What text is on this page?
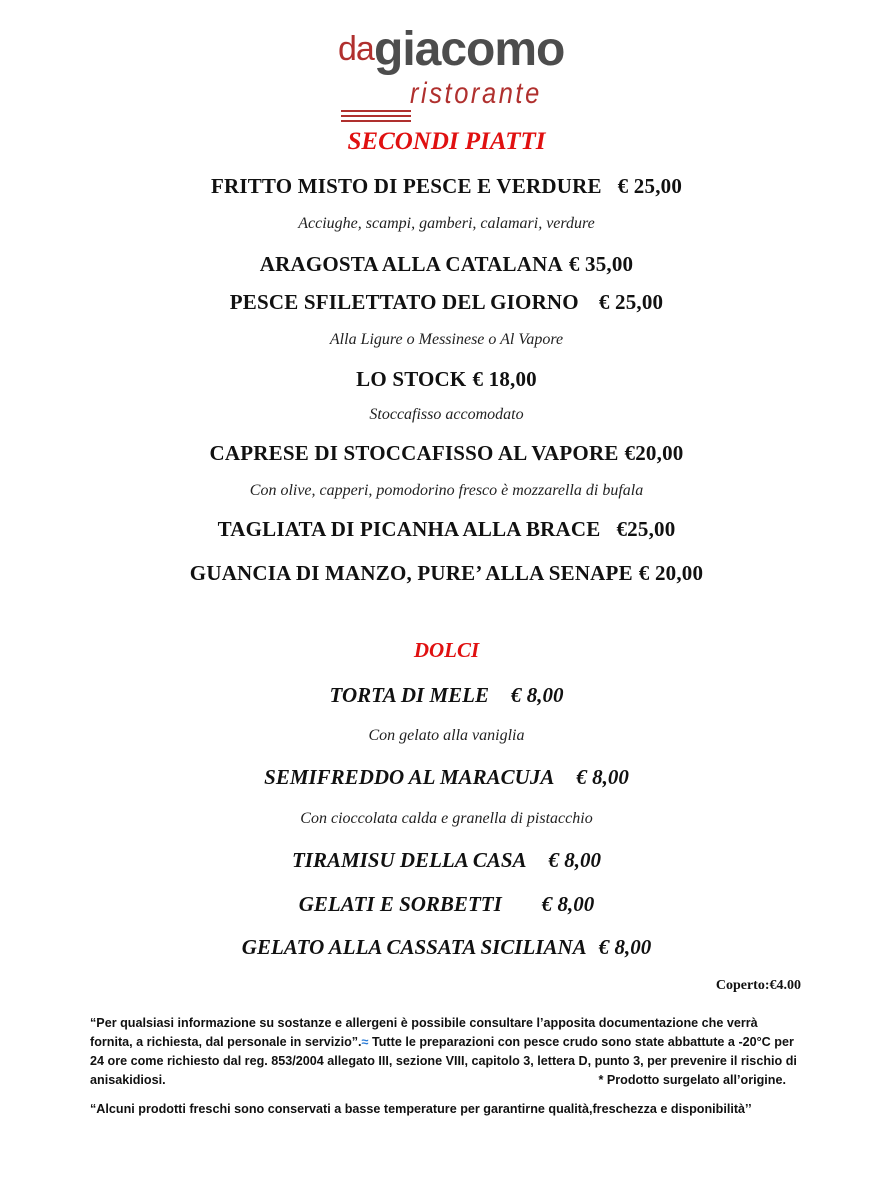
da giacomo
ristorante
SECONDI PIATTI
FRITTO MISTO DI PESCE E VERDURE € 25,00
Acciughe, scampi, gamberi, calamari, verdure
ARAGOSTA ALLA CATALANA € 35,00
PESCE SFILETTATO DEL GIORNO € 25,00
Alla Ligure o Messinese o Al Vapore
LO STOCK € 18,00
Stoccafisso accomodato
CAPRESE DI STOCCAFISSO AL VAPORE €20,00
Con olive, capperi, pomodorino fresco è mozzarella di bufala
TAGLIATA DI PICANHA ALLA BRACE €25,00
GUANCIA DI MANZO, PURE’ ALLA SENAPE € 20,00
DOLCI
TORTA DI MELE € 8,00
Con gelato alla vaniglia
SEMIFREDDO AL MARACUJA € 8,00
Con cioccolata calda e granella di pistacchio
TIRAMISU DELLA CASA € 8,00
GELATI E SORBETTI € 8,00
GELATO ALLA CASSATA SICILIANA € 8,00
Coperto:€4.00
“Per qualsiasi informazione su sostanze e allergeni è possibile consultare l’apposita documentazione che verrà fornita, a richiesta, dal personale in servizio”.≈ Tutte le preparazioni con pesce crudo sono state abbattute a -20°C per 24 ore come richiesto dal reg. 853/2004 allegato III, sezione VIII, capitolo 3, lettera D, punto 3, per prevenire il rischio di anisakidiosi.	* Prodotto surgelato all’origine.
“Alcuni prodotti freschi sono conservati a basse temperature per garantirne qualità,freschezza e disponibilità’’
